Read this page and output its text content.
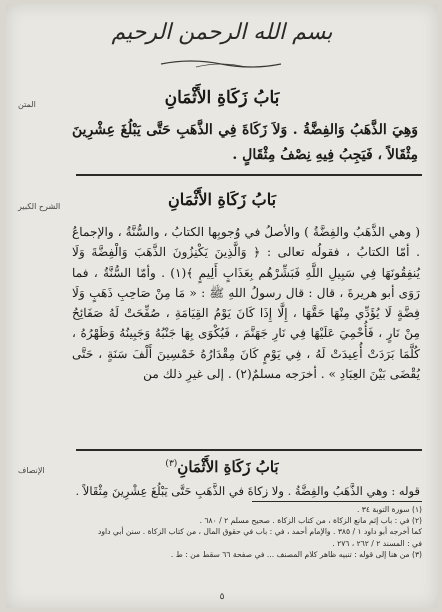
بسم الله الرحمن الرحيم
المتن	بَابُ زَكَاةِ الأَثْمَانِ
وَهِيَ الذَّهَبُ وَالفِضَّةُ . وَلاَ زَكَاةَ فِي الذَّهَبِ حَتَّى يَبْلُغَ عِشْرِينَ مِثْقَالاً ، فَيَجِبُ فِيهِ نِصْفُ مِثْقَالٍ .
الشرح الكبير	بَابُ زَكَاةِ الأَثْمَانِ
( وهي الذَّهَبُ والفِضَّةُ ) والأصلُ في وُجوبِها الكتابُ ، والسُّنَّةُ ، والإجماعُ . أمّا الكتابُ ، فقولُه تعالى : ﴿ وَالَّذِينَ يَكْنِزُونَ الذَّهَبَ وَالْفِضَّةَ وَلَا يُنفِقُونَهَا فِي سَبِيلِ اللَّهِ فَبَشِّرْهُم بِعَذَابٍ أَلِيمٍ ﴾(١) . وأمّا السُّنَّةُ ، فما رَوَى أبو هريرةَ ، قال : قال رسولُ اللهِ ﷺ : « مَا مِنْ صَاحِبِ ذَهَبٍ وَلَا فِضَّةٍ لَا يُؤَدِّي مِنْهَا حَقَّهَا ، إِلَّا إِذَا كَانَ يَوْمُ القِيَامَةِ ، صُفِّحَتْ لَهُ صَفَائِحُ مِنْ نَارٍ ، فَأُحْمِيَ عَلَيْهَا فِي نَارِ جَهَنَّمَ ، فَيُكْوَى بِهَا جَنْبُهُ وَجَبِينُهُ وَظَهْرُهُ ، كُلَّمَا بَرَدَتْ أُعِيدَتْ لَهُ ، فِي يَوْمٍ كَانَ مِقْدَارُهُ خَمْسِينَ أَلْفَ سَنَةٍ ، حَتَّى يُقْضَى بَيْنَ العِبَادِ » . أخرَجه مسلمٌ(٢) . إلى غيرِ ذلك من
الإنصاف	بَابُ زَكَاةِ الأَثْمَانِ$^{(٣)}$
قوله : وهي الذَّهَبُ والفِضَّةُ . ولا زكاةَ في الذَّهَبِ حَتَّى يَبْلُغَ عِشْرِينَ مِثْقَالاً .
(١) سورة التوبة ٣٤ .
(٢) في : باب إثم مانع الزكاة ، من كتاب الزكاة . صحيح مسلم ٢ / ٦٨٠ .
كما أخرجه أبو داود ١ / ٣٨٥ . والإمام أحمد ، في : باب في حقوق المال ، من كتاب الزكاة . سنن أبي داود
في : المسند ٢ / ٢٦٢ ، ٢٧٦ .
(٣) من هنا إلى قوله : تنبيه ظاهر كلام المصنف ... في صفحة ٦٦ سقط من : ط .
٥
